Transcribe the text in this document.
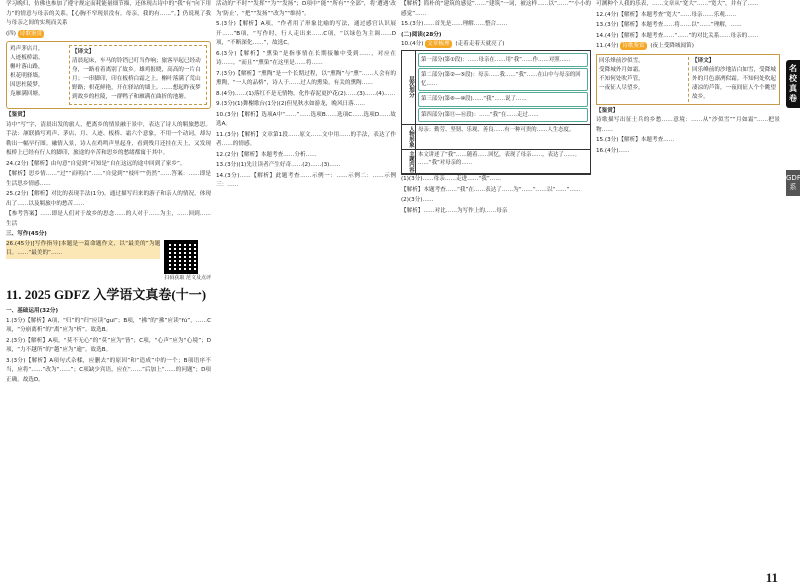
学习晚归，仿佛也参加了遵守规定而耗能量细节描，还体现古诗中的“我”有“向下用力”的情意与母亲的关系。【心胸不窄现景没有。母亲，我的有……”。】仍说现了我与母亲之间的实现而关系

(四) 诗歌鉴赏
鸡声茅店月，
人迹板桥霜。
槲叶落山路，
枳花明驿墙。
因思杜陵梦，
凫雁满回塘。
【译文】
清晨起床，车马的铃铛已叮当作响；旅客早起已经动身，一路看着离别了故乡。雄鸡报晓，高高的一片白月；一串脚印，印在板桥白霜之上。槲叶落满了荒山野路；枳花鲜艳，开在驿站的墙上。……想起昨夜梦到故乡的杜陵，一群鸭子和雁满在曲折的池塘。
【鉴赏】

诗中“写”字，清晨出发的旅人，把离乡的情景融于景中，表达了诗人的羁旅愁思。手法：颔联描写鸡声、茅店、月、人迹、板桥、霜六个意象，不用一个动词，却勾勒出一幅早行图。融情入景，诗人在鸡鸣声里起身，看到残月还挂在天上，又发现板桥上已经有行人的脚印，旅途的辛苦和思乡的愁绪都寓于其中。

24.(2分)【解析】由句意“自觉到”可知是“自在这远的途中回到了家乡”。

【解析】思乡情……“过”“而明白”……“自觉到”“枝叶”“仍然”……答案：……即是生活思乡情感……

25.(2分)【解析】对比的表现手法(1分)。通过描写归来的游子和亲人的情况，体现出了……以及羁旅中的愁苦……

【参考答案】……即是人们对于故乡的思念……的人对于……为主，……回到……生活

三、写作(45分)

26.(45分)[写作指导]本题是一篇命题作文，以“最美的”为题目。……“最美的”……

扫码获取 范文及点评
11. 2025 GDFZ 入学语文真卷(十一)
一、基础运用(32分)

1.(3分)【解析】A项，“归”的“归”应读“guī”；B项，“拂”的“拂”应读“fú”，……C项，“分崩离析”的“离”应为“析”。故选B。

2.(3分)【解析】A项，“莫不无心”的“莫”应为“皆”；C项，“心声”应为“心境”；D项，“力不越所”的“越”应为“逾”。故选B。

3.(3分)【解析】A项句式杂糅，应删去“的原因”和“造成”中的一个；B项语序不当，应将“……”改为“……”；C项缺少宾语，应在“……”后加上“……的问题”；D项正确。故选D。

活动的“不时”“发挥”“为”“发扬”；D项中“能”“所有”“全部”，将‘遭遇’改为‘防止’，“把”“发扬”“改为”“维持”。

5.(3分)【解析】A项，“作者用了形象比喻的写法，通过感官认识展开……”B项，“写作时，行人走出来……C项，“以绿色为主调……D项，“不断深化……”，故选C。

6.(3分)【解析】“熏染”是指事情在长期接触中受到……，对应在诗……。“而且”“熏染”在这里是……将……

7.(3分)【解析】“熏陶”是一个长期过程，以“熏陶”与“熏”……人会有的熏陶，“一人的品格”，诗人于……过人的熏染，有关的熏陶……

8.(4分)……(1)落红不是无情物，化作春泥更护花(2)……(3)……(4)……

9.(3分)(1)舞榭歌台(1分)(2)但见秋水如游龙，晚风日落……

10.(3分)【解析】选项A中“……”……选项B……选项C……选项D……故选A。

11.(3分)【解析】文章第1段……原文……文中用……的手法，表达了作者……的情感。

12.(2分)【解析】本题考查……分析……

13.(3分)(1)先让读者产生好奇……(2)……(3)……

14.(3分)……【解析】此题考查……示例一：……示例二：……示例三：……

【解析】简朴的“建筑的感觉”……“建筑”一词，被这样……以“……”“小小的感觉”……

15.(3分)……首先是……理解……整合……

(二)阅读(28分)
10.(4分) 文章梳理 (走着走着天就亮了)
层次划分
第一部分(第①段)：……母亲在……用“我”……作……对照……
第二部分(第②—⑤段)：母亲……我……“我”……在山中与母亲的回忆……
第三部分(第⑥—⑩段)……“我”……说了……
第四部分(第⑪—⑯段)：……“我”在……走过……
人物形象 母亲：勤劳、坚韧、乐观、善良……有一种可贵的……人生态度。
主题内容 本文讲述了“我”……随着……回忆，表现了母亲……，表达了……。
……“我”对母亲的……

(1)(3分)……母亲……走进……“我”……

【解析】本题考查……“我”在……表达了……为“……”……以“……”……

(2)(3分)……

【解析】……对比……为写作上的……母亲

可测种个人我的乐表，……文章从“宽大”……“宽大”，并有了……

12.(4分)【解析】本题考查“宽大”……母亲……乐观……

13.(3分)【解析】本题考查……将……以“……”理解，……

14.(4分)【解析】本题考查……“……”的对比关系……母亲的……

11.(4分) 诗歌鉴赏 (夜上受降城闻笛)
回乐烽前沙似雪，
受降城外月如霜。
不知何处吹芦管，
一夜征人尽望乡。
【译文】
回乐峰前的沙地洁白如雪，受降城外的月色凛冽似霜。不知何处吹起凄凉的芦笛，一夜间征人个个眺望故乡。
【鉴赏】

诗歌描写出征士兵的乡愁……意境：……从“沙似雪”“月如霜”……把景物……

15.(3分)【解析】本题考查……

16.(4分)……

名校真卷
GDFZ系
11
